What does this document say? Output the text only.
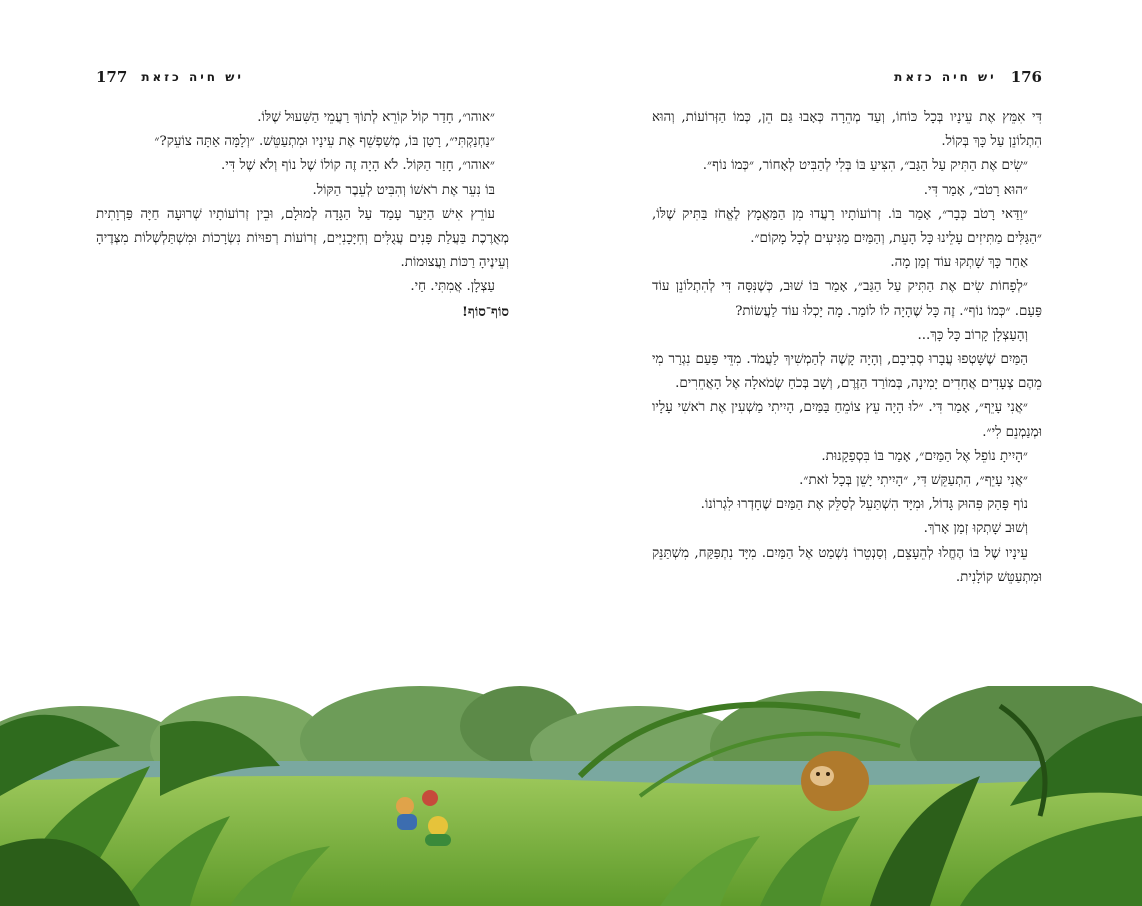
177 יש חיה כזאת	176
יש חיה כזאת

דִּי אִמֵּץ אֶת עֵינָיו בְּכָל כּוֹחוֹ, וְעַד מְהֵרָה כְּאָבוּ גַּם הֵן, כְּמוֹ הַזְּרוֹעוֹת, וְהוּא הִתְלוֹנֵן עַל כָּךְ בְּקוֹל.

״שִׂים אֶת הַתִּיק עַל הַגַּב״, הִצִּיעַ בּוֹ בְּלִי לְהַבִּיט לְאָחוֹר, ״כְּמוֹ נוֹף״.

״הוּא רָטֹב״, אָמַר דִּי.

״וַדַּאי רָטֹב כְּבָר״, אָמַר בּוֹ. זְרוֹעוֹתָיו רָעֲדוּ מִן הַמַּאֲמָץ לֶאֱחֹז בַּתִּיק שֶׁלּוֹ, ״הַגַּלִּים מַתִּיזִים עָלֵינוּ כָּל הָעֵת, וְהַמַּיִם מַגִּיעִים לְכָל מָקוֹם״.

אַחַר כָּךְ שָׁתְקוּ עוֹד זְמַן מָה.

״לְפָחוֹת שִׂים אֶת הַתִּיק עַל הַגַּב״, אָמַר בּוֹ שׁוּב, כְּשֶׁנִּסָּה דִּי לְהִתְלוֹנֵן עוֹד פַּעַם. ״כְּמוֹ נוֹף״. זֶה כָּל שֶׁהָיָה לוֹ לוֹמַר. מָה יָכְלוּ עוֹד לַעֲשׂוֹת?

וְהָעַצְלָן קָרוֹב כָּל כָּךְ...

הַמַּיִם שֶׁשָּׁטְפוּ עֲבָרוּ סְבִיבָם, וְהָיָה קָשֶׁה לְהַמְשִׁיךְ לַעֲמֹד. מִדֵּי פַּעַם נִגְרַר מִי מֵהֶם צְעָדִים אֲחָדִים יָמִינָה, בְּמוֹרַד הַזֶּרֶם, וְשָׁב בְּכֹחַ שְׂמֹאלָה אֶל הָאֲחֵרִים.

״אֲנִי עָיֵף״, אָמַר דִּי. ״לוּ הָיָה עֵץ צוֹמֵחַ בַּמַּיִם, הָיִיתִי מַשְׁעִין אֶת רֹאשִׁי עָלָיו וּמְנַמְנֵם לִי״.

״הָיִיתָ נוֹפֵל אֶל הַמַּיִם״, אָמַר בּוֹ בִּסְפַקָנוּת.

״אֲנִי עָיֵף״, הִתְעַקֵּשׁ דִּי, ״הָיִיתִי יָשֵׁן בְּכָל זֹאת״.

נוֹף פָּהַק פִּהוּק גָּדוֹל, וּמִיָּד הִשְׁתַּעֵל לְסַלֵּק אֶת הַמַּיִם שֶׁחָדְרוּ לִגְרוֹנוֹ.

וְשׁוּב שָׁתְקוּ זְמַן אָרֹךְ.

עֵינָיו שֶׁל בּוֹ הֶחֱלוּ לְהֵעָצֵם, וְסַנְטֵרוֹ נִשְׁמַט אֶל הַמַּיִם. מִיָּד נִתְפַּקַּח, מִשְׁתַּנֵּק וּמִתְעַטֵּשׁ קוֹלָנִית.

״אוהו״, חָדַר קוֹל קוֹרֵא לְתוֹךְ רַעֲמֵי הַשִּׁעוּל שֶׁלּוֹ.

״נַחְנַקְתִּי״, רָטַן בּוֹ, מְשַׁפְשֵׁף אֶת עֵינָיו וּמִתְעַטֵּשׁ. ״וְלָמָּה אַתָּה צוֹעֵק?״

״אוהו״, חָזַר הַקּוֹל. לֹא הָיָה זֶה קוֹלוֹ שֶׁל נוֹף וְלֹא שֶׁל דִּי.

בּוֹ נִעֵר אֶת רֹאשׁוֹ וְהִבִּיט לְעֵבֶר הַקּוֹל.

עוֹרֵץ אִישׁ הַיַּעַר עָמַד עַל הַגָּדָה לְמוּלָם, וּבֵין זְרוֹעוֹתָיו שְׁרוּעָה חַיָּה פַּרְוָתִית מְאֻרֶכֶת בַּעֲלַת פָּנִים עֲגֻלִּים וְחִיָּכָנִיִּים, זְרוֹעוֹת רְפוּיוֹת נִשְׂרָכוֹת וּמִשְׁתַּלְשְׁלוֹת מִצְּדֶיהָ וְעֵינֶיהָ רַכּוֹת וַעֲצוּמוֹת.

עַצְלָן. אֲמִתִּי. חַי.

סוֹף־סוֹף!
